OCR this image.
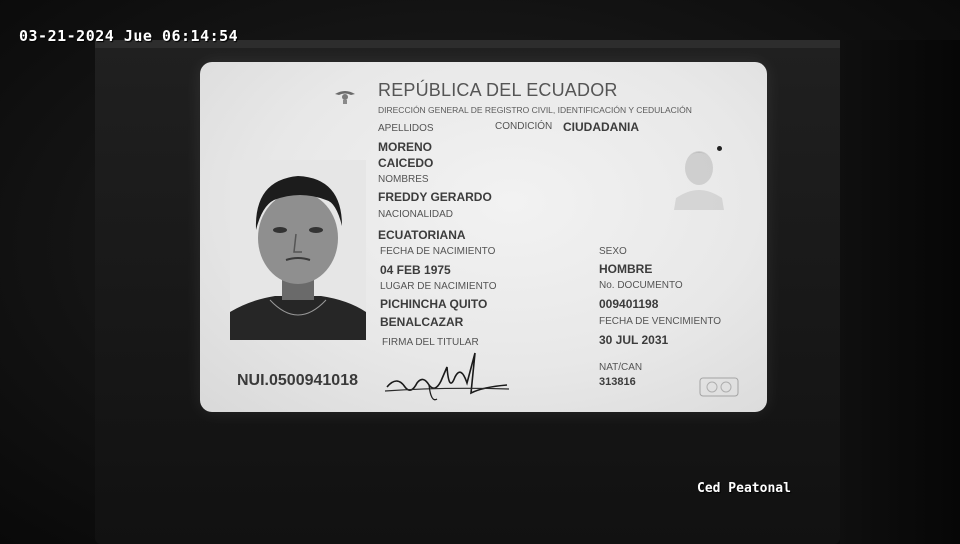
REPÚBLICA DEL ECUADOR
DIRECCIÓN GENERAL DE REGISTRO CIVIL, IDENTIFICACIÓN Y CEDULACIÓN
APELLIDOS	CONDICIÓN CIUDADANIA
MORENO
CAICEDO
NOMBRES
FREDDY GERARDO
NACIONALIDAD
ECUATORIANA
FECHA DE NACIMIENTO
04 FEB 1975
LUGAR DE NACIMIENTO
PICHINCHA QUITO
BENALCAZAR
FIRMA DEL TITULAR
SEXO
HOMBRE
No. DOCUMENTO
009401198
FECHA DE VENCIMIENTO
30 JUL 2031
NAT/CAN
313816
NUI.0500941018
03-21-2024 Jue 06:14:54
Ced Peatonal
